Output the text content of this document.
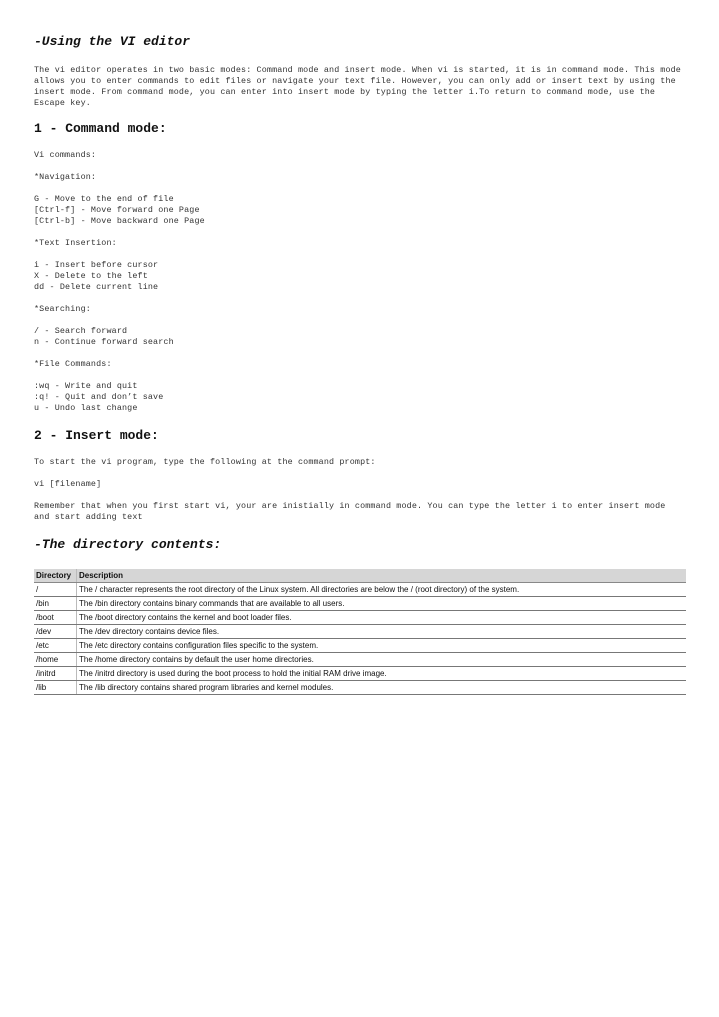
-Using the VI editor

The vi editor operates in two basic modes: Command mode and insert mode. When vi is started, it is in command mode. This mode allows you to enter commands to edit files or navigate your text file. However, you can only add or insert text by using the insert mode. From command mode, you can enter into insert mode by typing the letter i.To return to command mode, use the Escape key.

1 - Command mode:

Vi commands:

*Navigation:

G - Move to the end of file

[Ctrl-f] - Move forward one Page

[Ctrl-b] - Move backward one Page

*Text Insertion:

i - Insert before cursor

X - Delete to the left

dd - Delete current line

*Searching:

/ - Search forward

n - Continue forward search

*File Commands:

:wq - Write and quit

:q! - Quit and don’t save

u - Undo last change

2 - Insert mode:

To start the vi program, type the following at the command prompt:

vi [filename]

Remember that when you first start vi, your are inistially in command mode. You can type the letter i to enter insert mode and start adding text

-The directory contents:
Directory	Description
/	The / character represents the root directory of the Linux system. All directories are below the / (root directory) of the system.
/bin	The /bin directory contains binary commands that are available to all users.
/boot	The /boot directory contains the kernel and boot loader files.
/dev	The /dev directory contains device files.
/etc	The /etc directory contains configuration files specific to the system.
/home	The /home directory contains by default the user home directories.
/initrd	The /initrd directory is used during the boot process to hold the initial RAM drive image.
/lib	The /lib directory contains shared program libraries and kernel modules.
